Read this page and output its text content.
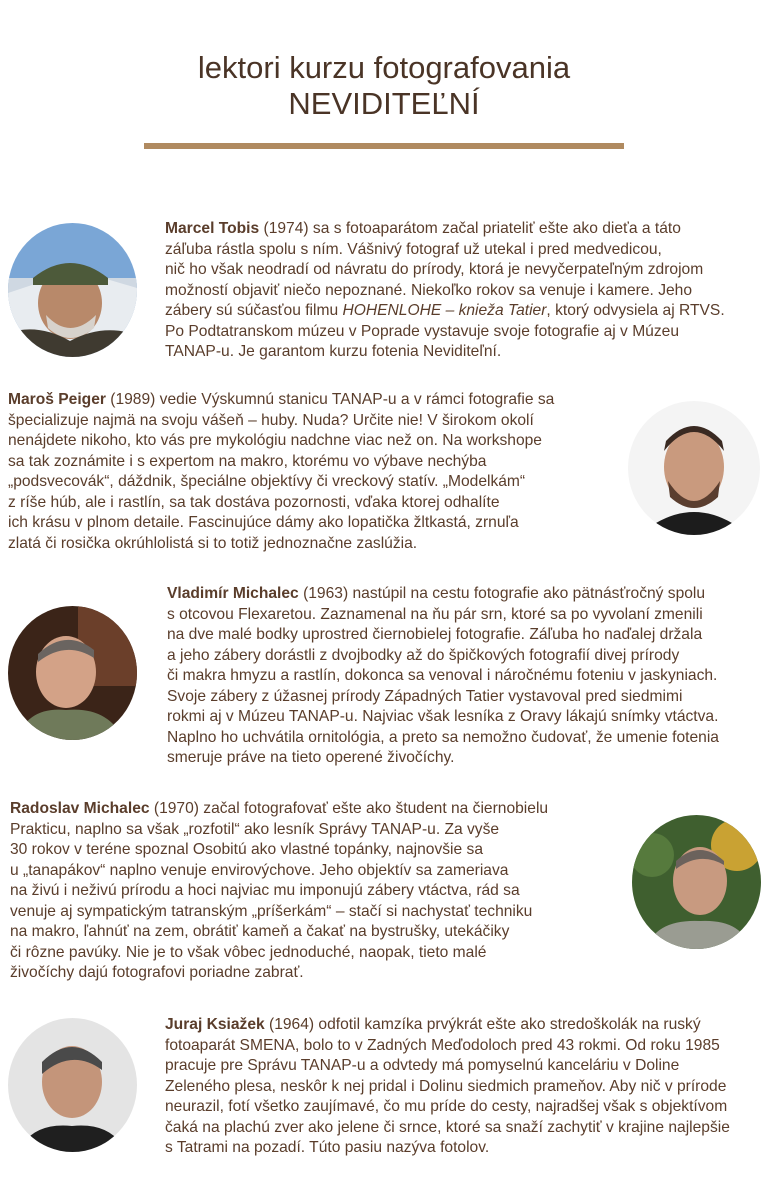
lektori kurzu fotografovania
NEVIDITEĽNÍ
Marcel Tobis (1974) sa s fotoaparátom začal priateliť ešte ako dieťa a táto
záľuba rástla spolu s ním. Vášnivý fotograf už utekal i pred medvedicou,
nič ho však neodradí od návratu do prírody, ktorá je nevyčerpateľným zdrojom
možností objaviť niečo nepoznané. Niekoľko rokov sa venuje i kamere. Jeho
zábery sú súčasťou filmu HOHENLOHE – knieža Tatier, ktorý odvysiela aj RTVS.
Po Podtatranskom múzeu v Poprade vystavuje svoje fotografie aj v Múzeu
TANAP-u. Je garantom kurzu fotenia Neviditeľní.
Maroš Peiger (1989) vedie Výskumnú stanicu TANAP-u a v rámci fotografie sa
špecializuje najmä na svoju vášeň – huby. Nuda? Určite nie! V širokom okolí
nenájdete nikoho, kto vás pre mykológiu nadchne viac než on. Na workshope
sa tak zoznámite i s expertom na makro, ktorému vo výbave nechýba
„podsvecovák“, dáždnik, špeciálne objektívy či vreckový statív. „Modelkám“
z ríše húb, ale i rastlín, sa tak dostáva pozornosti, vďaka ktorej odhalíte
ich krásu v plnom detaile. Fascinujúce dámy ako lopatička žltkastá, zrnuľa
zlatá či rosička okrúhlolistá si to totiž jednoznačne zaslúžia.
Vladimír Michalec (1963) nastúpil na cestu fotografie ako pätnásťročný spolu
s otcovou Flexaretou. Zaznamenal na ňu pár srn, ktoré sa po vyvolaní zmenili
na dve malé bodky uprostred čiernobielej fotografie. Záľuba ho naďalej držala
a jeho zábery dorástli z dvojbodky až do špičkových fotografií divej prírody
či makra hmyzu a rastlín, dokonca sa venoval i náročnému foteniu v jaskyniach.
Svoje zábery z úžasnej prírody Západných Tatier vystavoval pred siedmimi
rokmi aj v Múzeu TANAP-u. Najviac však lesníka z Oravy lákajú snímky vtáctva.
Naplno ho uchvátila ornitológia, a preto sa nemožno čudovať, že umenie fotenia
smeruje práve na tieto operené živočíchy.
Radoslav Michalec (1970) začal fotografovať ešte ako študent na čiernobielu
Prakticu, naplno sa však „rozfotil“ ako lesník Správy TANAP-u. Za vyše
30 rokov v teréne spoznal Osobitú ako vlastné topánky, najnovšie sa
u „tanapákov“ naplno venuje envirovýchove. Jeho objektív sa zameriava
na živú i neživú prírodu a hoci najviac mu imponujú zábery vtáctva, rád sa
venuje aj sympatickým tatranským „príšerkám“ – stačí si nachystať techniku
na makro, ľahnúť na zem, obrátiť kameň a čakať na bystrušky, utekáčiky
či rôzne pavúky. Nie je to však vôbec jednoduché, naopak, tieto malé
živočíchy dajú fotografovi poriadne zabrať.
Juraj Ksiažek (1964) odfotil kamzíka prvýkrát ešte ako stredoškolák na ruský
fotoaparát SMENA, bolo to v Zadných Meďodoloch pred 43 rokmi. Od roku 1985
pracuje pre Správu TANAP-u a odvtedy má pomyselnú kanceláriu v Doline
Zeleného plesa, neskôr k nej pridal i Dolinu siedmich prameňov. Aby nič v prírode
neurazil, fotí všetko zaujímavé, čo mu príde do cesty, najradšej však s objektívom
čaká na plachú zver ako jelene či srnce, ktoré sa snaží zachytiť v krajine najlepšie
s Tatrami na pozadí. Túto pasiu nazýva fotolov.
